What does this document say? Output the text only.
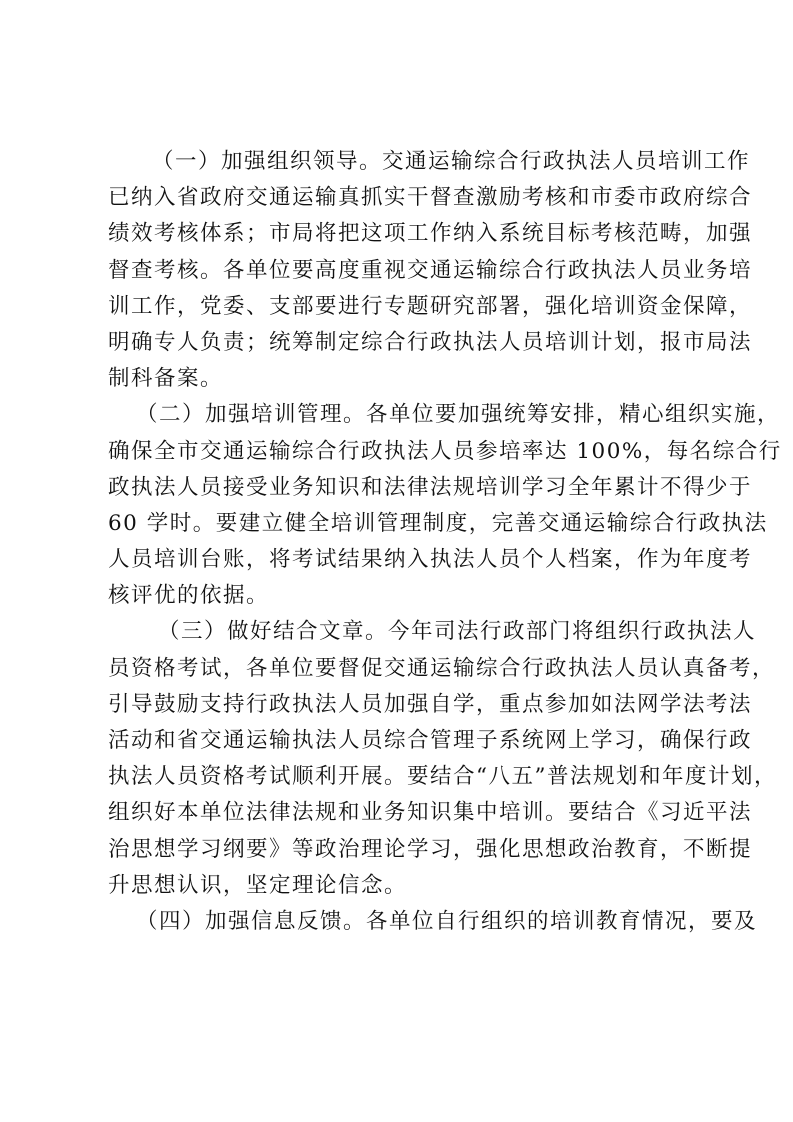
（一）加强组织领导。交通运输综合行政执法人员培训工作
已纳入省政府交通运输真抓实干督查激励考核和市委市政府综合
绩效考核体系；市局将把这项工作纳入系统目标考核范畴，加强
督查考核。各单位要高度重视交通运输综合行政执法人员业务培
训工作，党委、支部要进行专题研究部署，强化培训资金保障，
明确专人负责；统筹制定综合行政执法人员培训计划，报市局法
制科备案。
（二）加强培训管理。各单位要加强统筹安排，精心组织实施，
确保全市交通运输综合行政执法人员参培率达 100%，每名综合行
政执法人员接受业务知识和法律法规培训学习全年累计不得少于
60 学时。要建立健全培训管理制度，完善交通运输综合行政执法
人员培训台账，将考试结果纳入执法人员个人档案，作为年度考
核评优的依据。
（三）做好结合文章。今年司法行政部门将组织行政执法人
员资格考试，各单位要督促交通运输综合行政执法人员认真备考，
引导鼓励支持行政执法人员加强自学，重点参加如法网学法考法
活动和省交通运输执法人员综合管理子系统网上学习，确保行政
执法人员资格考试顺利开展。要结合“八五”普法规划和年度计划，
组织好本单位法律法规和业务知识集中培训。要结合《习近平法
治思想学习纲要》等政治理论学习，强化思想政治教育，不断提
升思想认识，坚定理论信念。
（四）加强信息反馈。各单位自行组织的培训教育情况，要及
